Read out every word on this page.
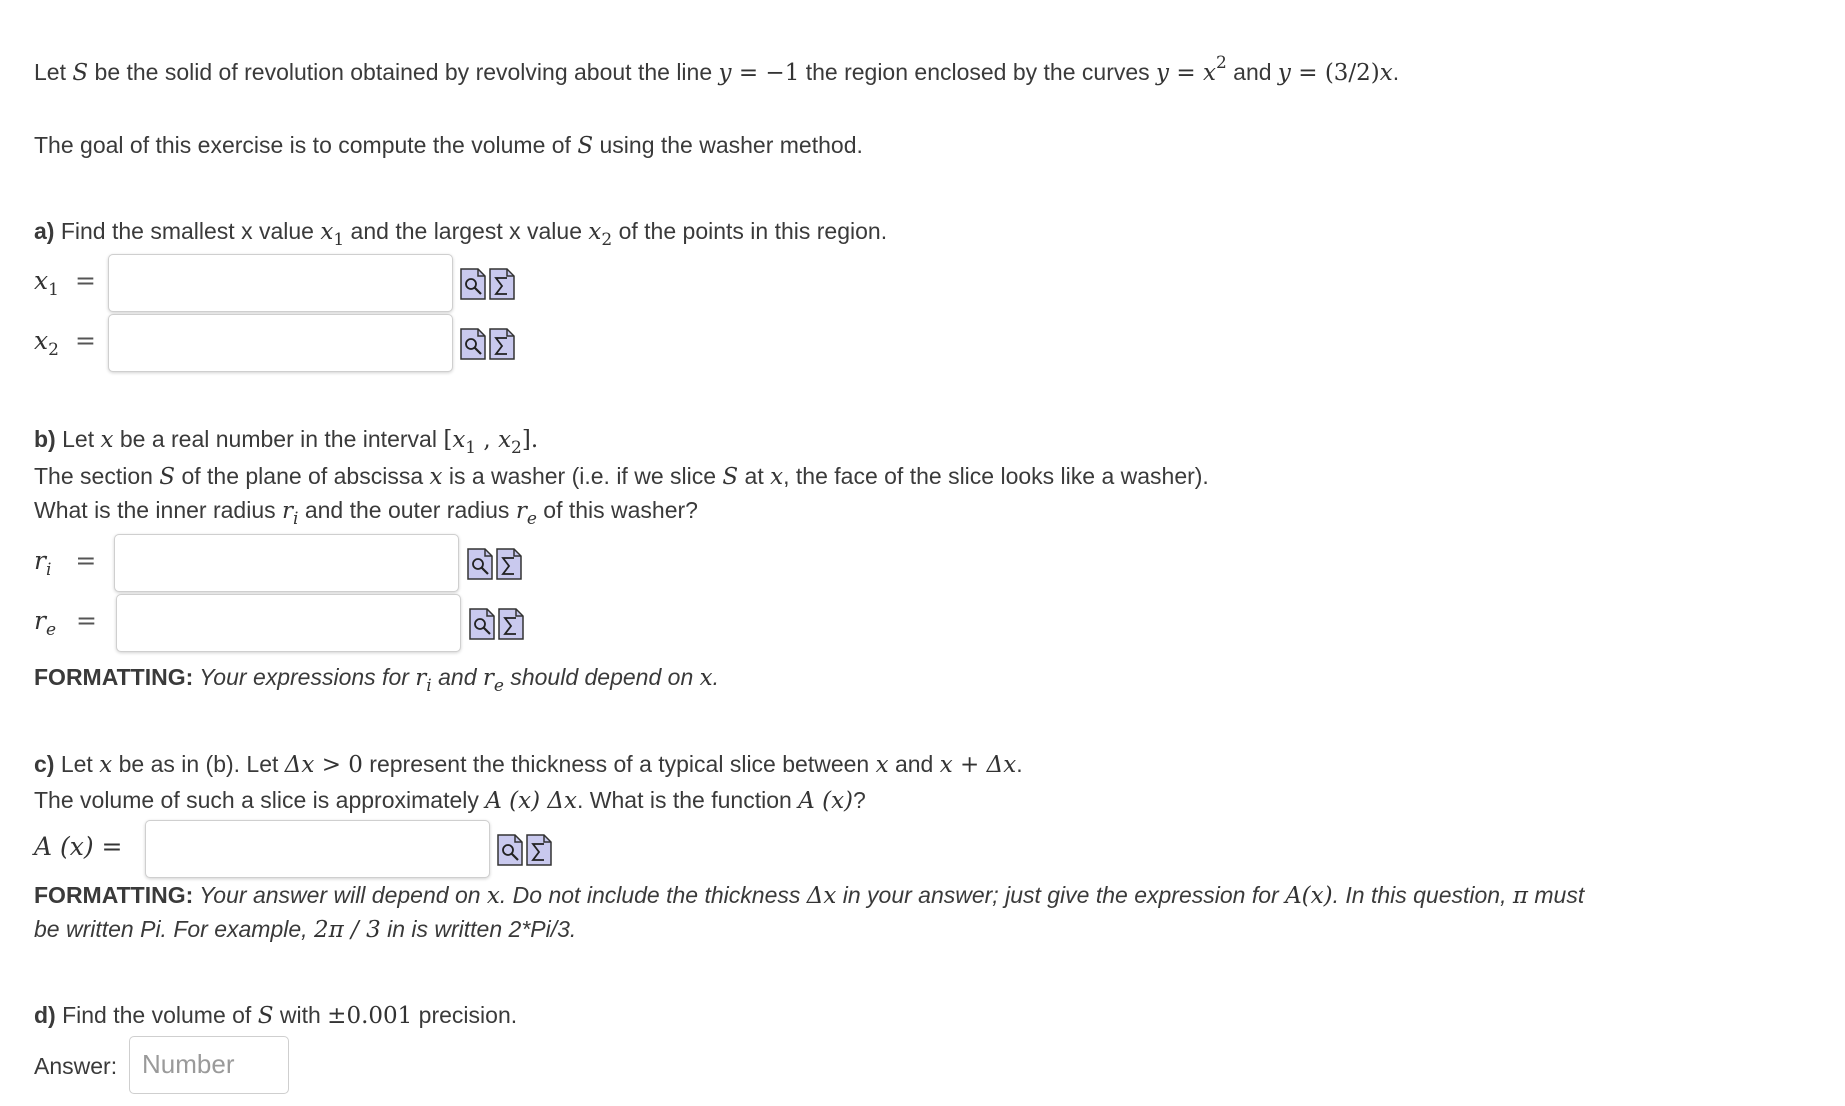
Let S be the solid of revolution obtained by revolving about the line y = −1 the region enclosed by the curves $y = x^2$ and y = (3/2)x.
The goal of this exercise is to compute the volume of S using the washer method.
a) Find the smallest x value $x_1$ and the largest x value $x_2$ of the points in this region.
$x_1$ =
$x_2$ =
b) Let x be a real number in the interval [$x_1$ , $x_2$].
The section S of the plane of abscissa x is a washer (i.e. if we slice S at x, the face of the slice looks like a washer).
What is the inner radius $r_i$ and the outer radius $r_e$ of this washer?
$r_i$ =
$r_e$ =
FORMATTING: Your expressions for $r_i$ and $r_e$ should depend on x.
c) Let x be as in (b). Let Δx > 0 represent the thickness of a typical slice between x and x + Δx.
The volume of such a slice is approximately A (x) Δx. What is the function A (x)?
A (x) =
FORMATTING: Your answer will depend on x. Do not include the thickness Δx in your answer; just give the expression for A(x). In this question, π must
be written Pi. For example, 2π / 3 in is written 2*Pi/3.
d) Find the volume of S with ±0.001 precision.
Answer: Number
